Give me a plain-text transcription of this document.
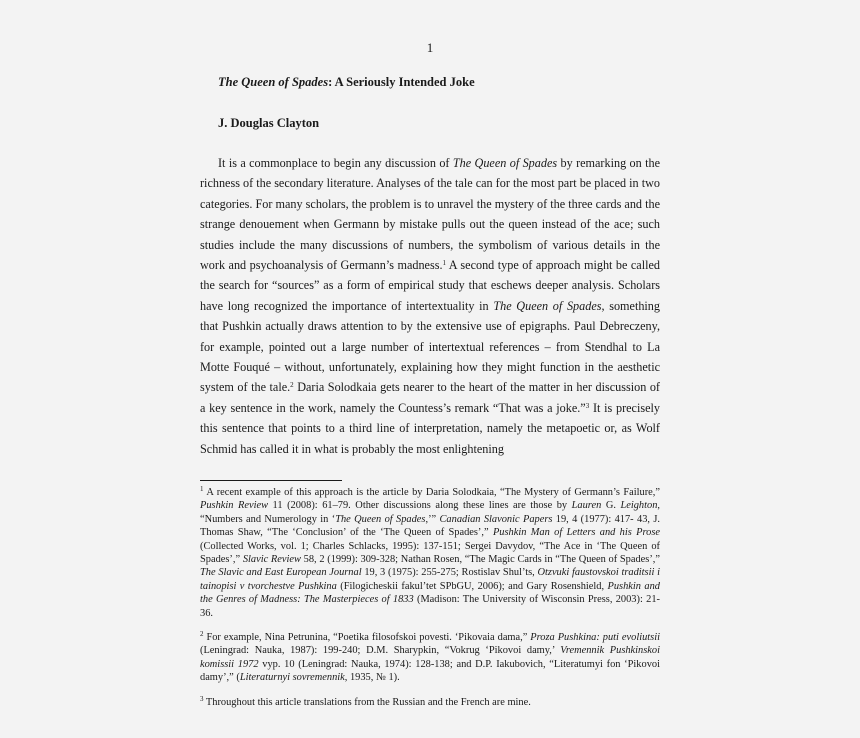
1
The Queen of Spades: A Seriously Intended Joke
J. Douglas Clayton

It is a commonplace to begin any discussion of The Queen of Spades by remarking on the richness of the secondary literature. Analyses of the tale can for the most part be placed in two categories. For many scholars, the problem is to unravel the mystery of the three cards and the strange denouement when Germann by mistake pulls out the queen instead of the ace; such studies include the many discussions of numbers, the symbolism of various details in the work and psychoanalysis of Germann’s madness.$^1$ A second type of approach might be called the search for “sources” as a form of empirical study that eschews deeper analysis. Scholars have long recognized the importance of intertextuality in The Queen of Spades, something that Pushkin actually draws attention to by the extensive use of epigraphs. Paul Debreczeny, for example, pointed out a large number of intertextual references – from Stendhal to La Motte Fouqué – without, unfortunately, explaining how they might function in the aesthetic system of the tale.$^2$ Daria Solodkaia gets nearer to the heart of the matter in her discussion of a key sentence in the work, namely the Countess’s remark “That was a joke.”$^3$ It is precisely this sentence that points to a third line of interpretation, namely the metapoetic or, as Wolf Schmid has called it in what is probably the most enlightening

$^1$ A recent example of this approach is the article by Daria Solodkaia, “The Mystery of Germann’s Failure,” Pushkin Review 11 (2008): 61–79. Other discussions along these lines are those by Lauren G. Leighton, “Numbers and Numerology in ‘The Queen of Spades,’” Canadian Slavonic Papers 19, 4 (1977): 417- 43, J. Thomas Shaw, “The ‘Conclusion’ of the ‘The Queen of Spades’,” Pushkin Man of Letters and his Prose (Collected Works, vol. 1; Charles Schlacks, 1995): 137-151; Sergei Davydov, “The Ace in ‘The Queen of Spades’,” Slavic Review 58, 2 (1999): 309-328; Nathan Rosen, “The Magic Cards in “The Queen of Spades’,” The Slavic and East European Journal 19, 3 (1975): 255-275; Rostislav Shul’ts, Otzvuki faustovskoi traditsii i tainopisi v tvorchestve Pushkina (Filogicheskii fakul’tet SPbGU, 2006); and Gary Rosenshield, Pushkin and the Genres of Madness: The Masterpieces of 1833 (Madison: The University of Wisconsin Press, 2003): 21-36.

$^2$ For example, Nina Petrunina, “Poetika filosofskoi povesti. ‘Pikovaia dama,” Proza Pushkina: puti evoliutsii (Leningrad: Nauka, 1987): 199-240; D.M. Sharypkin, “Vokrug ‘Pikovoi damy,’ Vremennik Pushkinskoi komissii 1972 vyp. 10 (Leningrad: Nauka, 1974): 128-138; and D.P. Iakubovich, “Literatumyi fon ‘Pikovoi damy’,” (Literaturnyi sovremennik, 1935, № 1).

$^3$ Throughout this article translations from the Russian and the French are mine.
